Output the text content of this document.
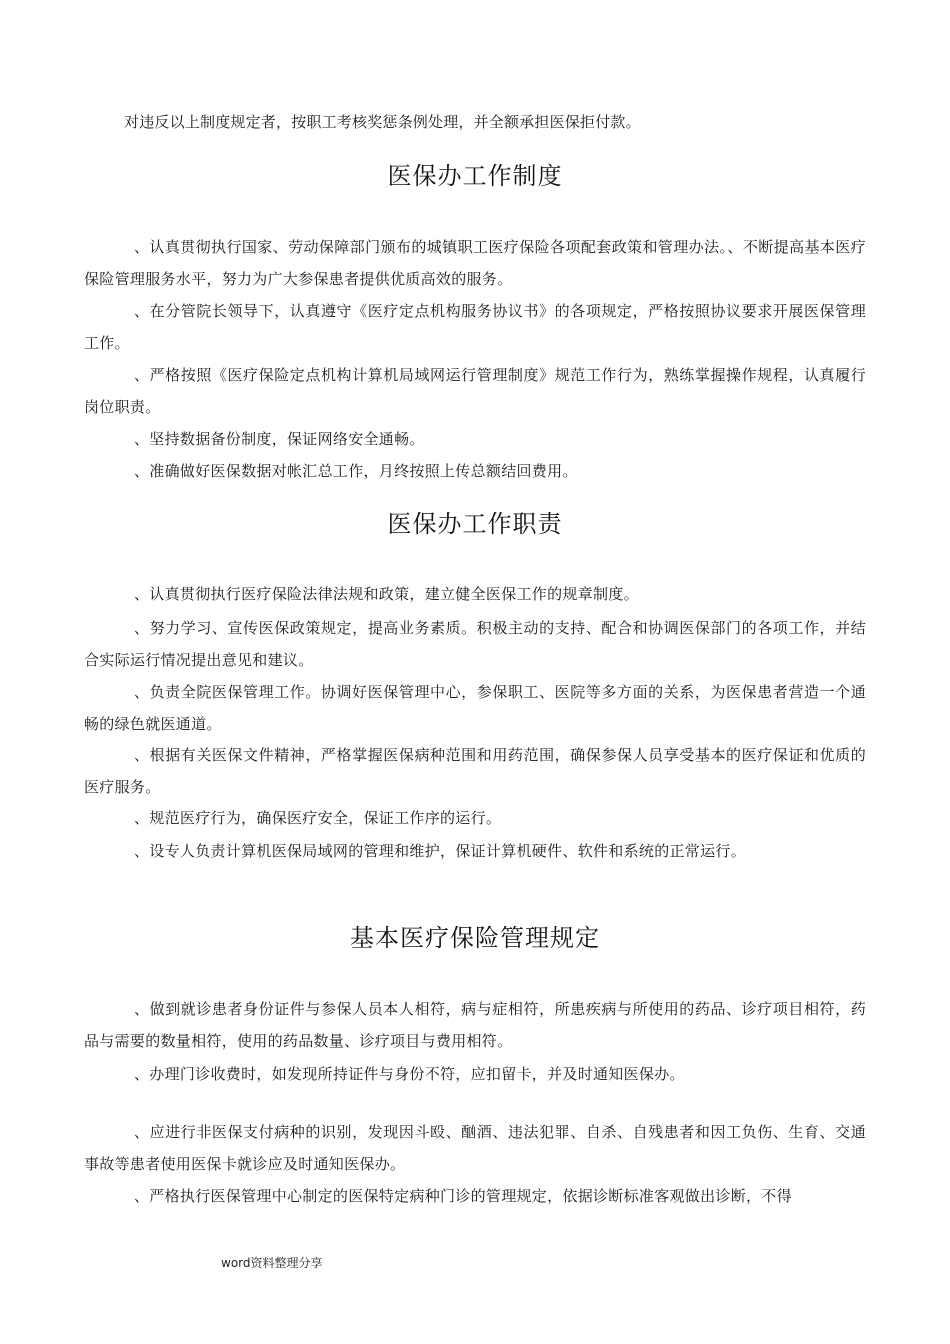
对违反以上制度规定者，按职工考核奖惩条例处理，并全额承担医保拒付款。
医保办工作制度
、认真贯彻执行国家、劳动保障部门颁布的城镇职工医疗保险各项配套政策和管理办法。、不断提高基本医疗保险管理服务水平，努力为广大参保患者提供优质高效的服务。
、在分管院长领导下，认真遵守《医疗定点机构服务协议书》的各项规定，严格按照协议要求开展医保管理工作。
、严格按照《医疗保险定点机构计算机局域网运行管理制度》规范工作行为，熟练掌握操作规程，认真履行岗位职责。
、坚持数据备份制度，保证网络安全通畅。
、准确做好医保数据对帐汇总工作，月终按照上传总额结回费用。
医保办工作职责
、认真贯彻执行医疗保险法律法规和政策，建立健全医保工作的规章制度。
、努力学习、宣传医保政策规定，提高业务素质。积极主动的支持、配合和协调医保部门的各项工作，并结合实际运行情况提出意见和建议。
、负责全院医保管理工作。协调好医保管理中心，参保职工、医院等多方面的关系，为医保患者营造一个通畅的绿色就医通道。
、根据有关医保文件精神，严格掌握医保病种范围和用药范围，确保参保人员享受基本的医疗保证和优质的医疗服务。
、规范医疗行为，确保医疗安全，保证工作序的运行。
、设专人负责计算机医保局域网的管理和维护，保证计算机硬件、软件和系统的正常运行。
基本医疗保险管理规定
、做到就诊患者身份证件与参保人员本人相符，病与症相符，所患疾病与所使用的药品、诊疗项目相符，药品与需要的数量相符，使用的药品数量、诊疗项目与费用相符。
、办理门诊收费时，如发现所持证件与身份不符，应扣留卡，并及时通知医保办。
、应进行非医保支付病种的识别，发现因斗殴、酗酒、违法犯罪、自杀、自残患者和因工负伤、生育、交通事故等患者使用医保卡就诊应及时通知医保办。
、严格执行医保管理中心制定的医保特定病种门诊的管理规定，依据诊断标准客观做出诊断，不得
word资料整理分享
